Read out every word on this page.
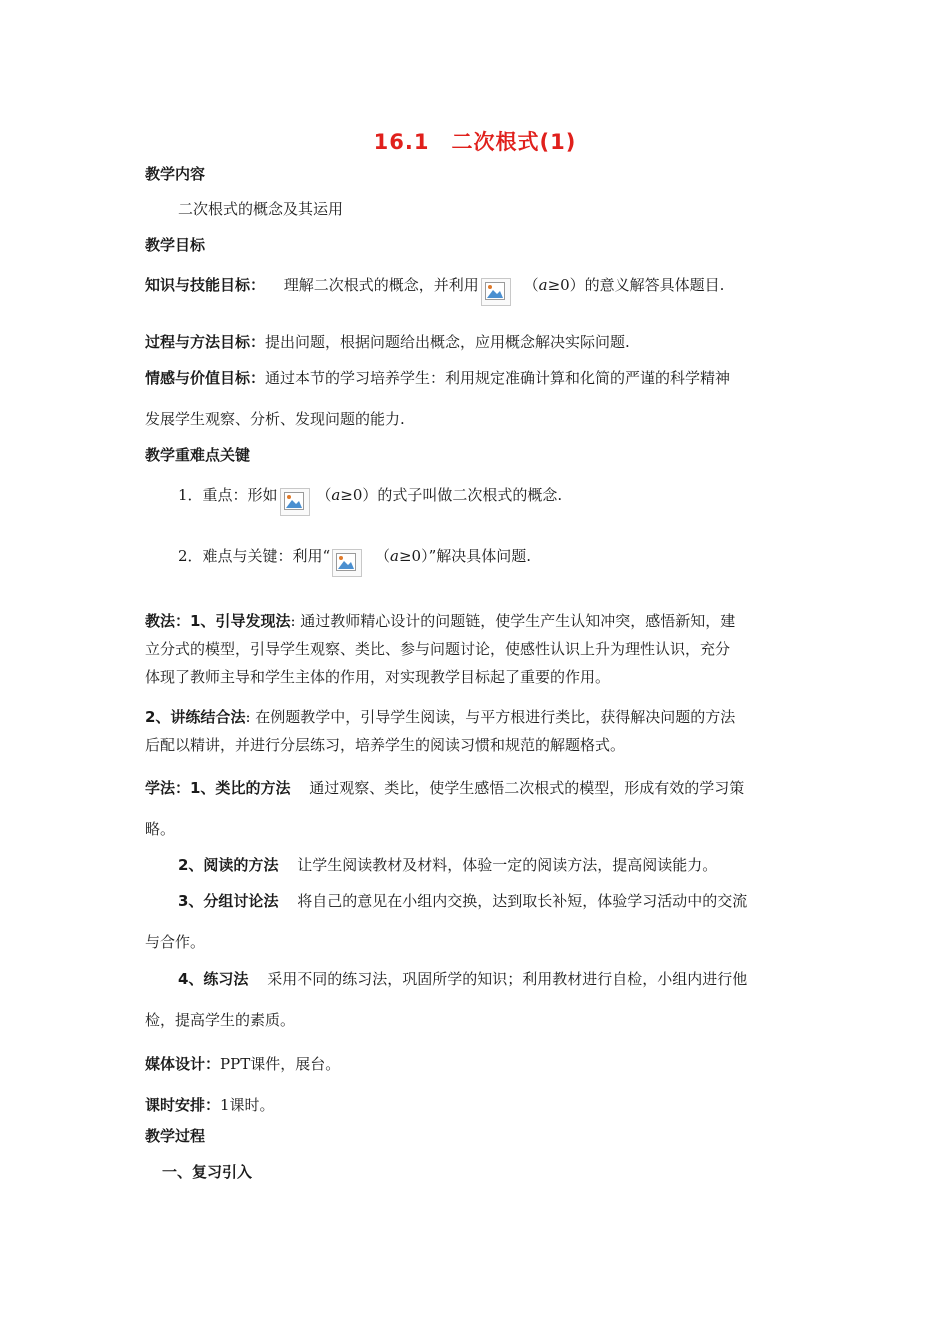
16.1 二次根式(1)
教学内容
二次根式的概念及其运用
教学目标
知识与技能目标： 理解二次根式的概念，并利用	（a≥0）的意义解答具体题目.
过程与方法目标：提出问题，根据问题给出概念，应用概念解决实际问题.
情感与价值目标：通过本节的学习培养学生：利用规定准确计算和化简的严谨的科学精神
发展学生观察、分析、发现问题的能力.
教学重难点关键
1．重点：形如	（a≥0）的式子叫做二次根式的概念.
2．难点与关键：利用“	（a≥0）”解决具体问题.
教法：1、引导发现法: 通过教师精心设计的问题链，使学生产生认知冲突，感悟新知，建
立分式的模型，引导学生观察、类比、参与问题讨论，使感性认识上升为理性认识，充分
体现了教师主导和学生主体的作用，对实现教学目标起了重要的作用。
2、讲练结合法: 在例题教学中，引导学生阅读，与平方根进行类比，获得解决问题的方法
后配以精讲，并进行分层练习，培养学生的阅读习惯和规范的解题格式。
学法：1、类比的方法 通过观察、类比，使学生感悟二次根式的模型，形成有效的学习策
略。
2、阅读的方法 让学生阅读教材及材料，体验一定的阅读方法，提高阅读能力。
3、分组讨论法 将自己的意见在小组内交换，达到取长补短，体验学习活动中的交流
与合作。
4、练习法 采用不同的练习法，巩固所学的知识；利用教材进行自检，小组内进行他
检，提高学生的素质。
媒体设计：PPT课件，展台。
课时安排：1课时。
教学过程
一、复习引入
